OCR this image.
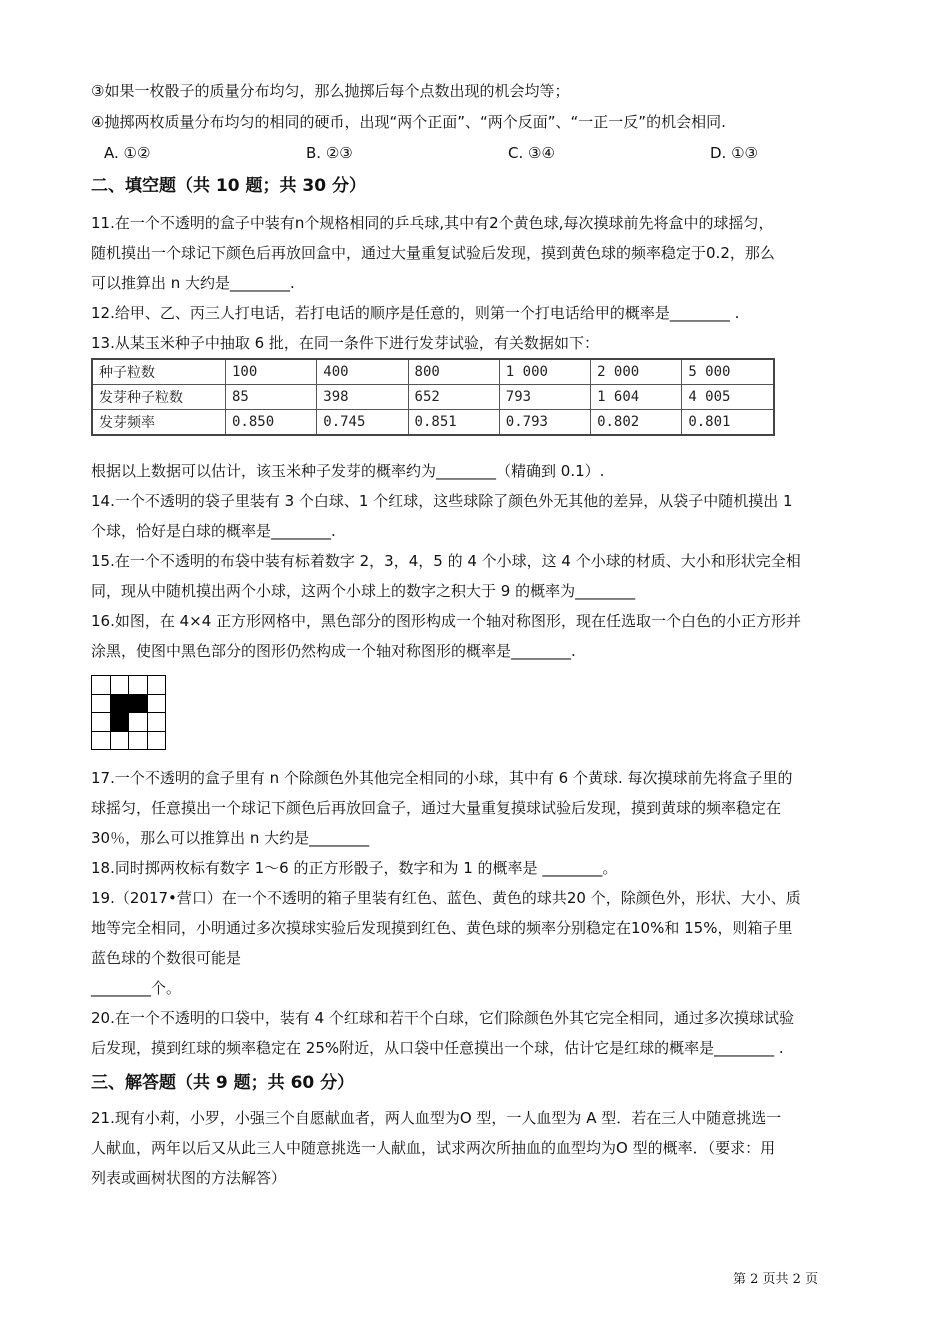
③如果一枚骰子的质量分布均匀，那么抛掷后每个点数出现的机会均等；
④抛掷两枚质量分布均匀的相同的硬币，出现“两个正面”、“两个反面”、“一正一反”的机会相同.
A. ①②	B. ②③	C. ③④	D. ①③
二、填空题（共 10 题；共 30 分）
11.在一个不透明的盒子中装有n个规格相同的乒乓球,其中有2个黄色球,每次摸球前先将盒中的球摇匀，
随机摸出一个球记下颜色后再放回盒中，通过大量重复试验后发现，摸到黄色球的频率稳定于0.2，那么
可以推算出 n 大约是________.
12.给甲、乙、丙三人打电话，若打电话的顺序是任意的，则第一个打电话给甲的概率是________ .
13.从某玉米种子中抽取 6 批，在同一条件下进行发芽试验，有关数据如下：
种子粒数	100	400	800	1 000	2 000	5 000
发芽种子粒数	85	398	652	793	1 604	4 005
发芽频率	0.850	0.745	0.851	0.793	0.802	0.801
根据以上数据可以估计，该玉米种子发芽的概率约为________（精确到 0.1）.
14.一个不透明的袋子里装有 3 个白球、1 个红球，这些球除了颜色外无其他的差异，从袋子中随机摸出 1
个球，恰好是白球的概率是________.
15.在一个不透明的布袋中装有标着数字 2，3，4，5 的 4 个小球，这 4 个小球的材质、大小和形状完全相
同，现从中随机摸出两个小球，这两个小球上的数字之积大于 9 的概率为________
16.如图，在 4×4 正方形网格中，黑色部分的图形构成一个轴对称图形，现在任选取一个白色的小正方形并
涂黑，使图中黑色部分的图形仍然构成一个轴对称图形的概率是________.
17.一个不透明的盒子里有 n 个除颜色外其他完全相同的小球，其中有 6 个黄球. 每次摸球前先将盒子里的
球摇匀，任意摸出一个球记下颜色后再放回盒子，通过大量重复摸球试验后发现，摸到黄球的频率稳定在
30％，那么可以推算出 n 大约是________
18.同时掷两枚标有数字 1～6 的正方形骰子，数字和为 1 的概率是 ________。
19.（2017•营口）在一个不透明的箱子里装有红色、蓝色、黄色的球共20 个，除颜色外，形状、大小、质
地等完全相同，小明通过多次摸球实验后发现摸到红色、黄色球的频率分别稳定在10%和 15%，则箱子里
蓝色球的个数很可能是
________个。
20.在一个不透明的口袋中，装有 4 个红球和若干个白球，它们除颜色外其它完全相同，通过多次摸球试验
后发现，摸到红球的频率稳定在 25%附近，从口袋中任意摸出一个球，估计它是红球的概率是________ .
三、解答题（共 9 题；共 60 分）
21.现有小莉，小罗，小强三个自愿献血者，两人血型为O 型，一人血型为 A 型．若在三人中随意挑选一
人献血，两年以后又从此三人中随意挑选一人献血，试求两次所抽血的血型均为O 型的概率．（要求：用
列表或画树状图的方法解答）
第 2 页共 2 页
